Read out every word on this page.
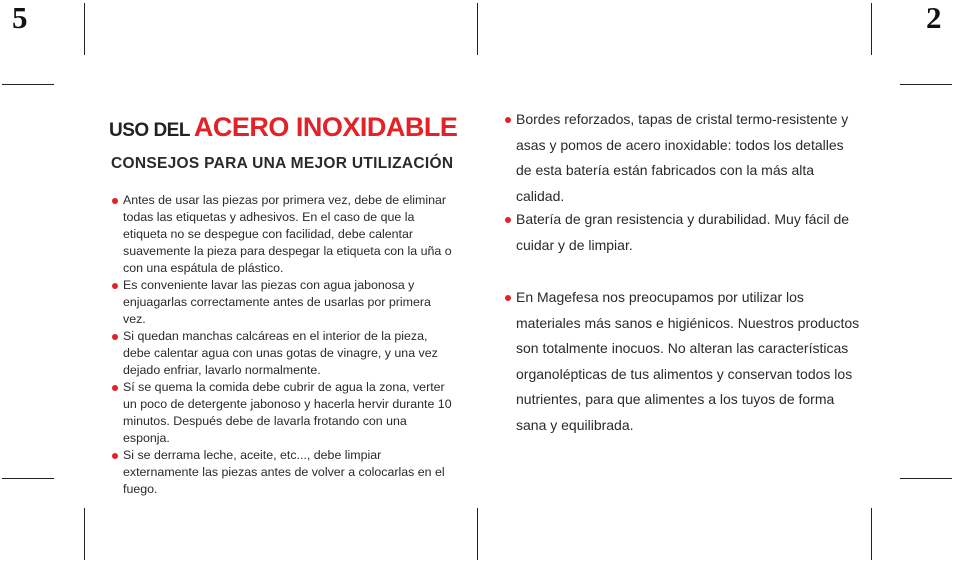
5	2
USO DEL ACERO INOXIDABLE
CONSEJOS PARA UNA MEJOR UTILIZACIÓN
Antes de usar las piezas por primera vez, debe de eliminar todas las etiquetas y adhesivos. En el caso de que la etiqueta no se despegue con facilidad, debe calentar suavemente la pieza para despegar la etiqueta con la uña o con una espátula de plástico.
Es conveniente lavar las piezas con agua jabonosa y enjuagarlas correctamente antes de usarlas por primera vez.
Si quedan manchas calcáreas en el interior de la pieza, debe calentar agua con unas gotas de vinagre, y una vez dejado enfriar, lavarlo normalmente.
Sí se quema la comida debe cubrir de agua la zona, verter un poco de detergente jabonoso y hacerla hervir durante 10 minutos. Después debe de lavarla frotando con una esponja.
Si se derrama leche, aceite, etc..., debe limpiar externamente las piezas antes de volver a colocarlas en el fuego.
Bordes reforzados, tapas de cristal termo-resistente y asas y pomos de acero inoxidable: todos los detalles de esta batería están fabricados con la más alta calidad.
Batería de gran resistencia y durabilidad. Muy fácil de cuidar y de limpiar.
En Magefesa nos preocupamos por utilizar los materiales más sanos e higiénicos. Nuestros productos son totalmente inocuos. No alteran las características organolépticas de tus alimentos y conservan todos los nutrientes, para que alimentes a los tuyos de forma sana y equilibrada.
